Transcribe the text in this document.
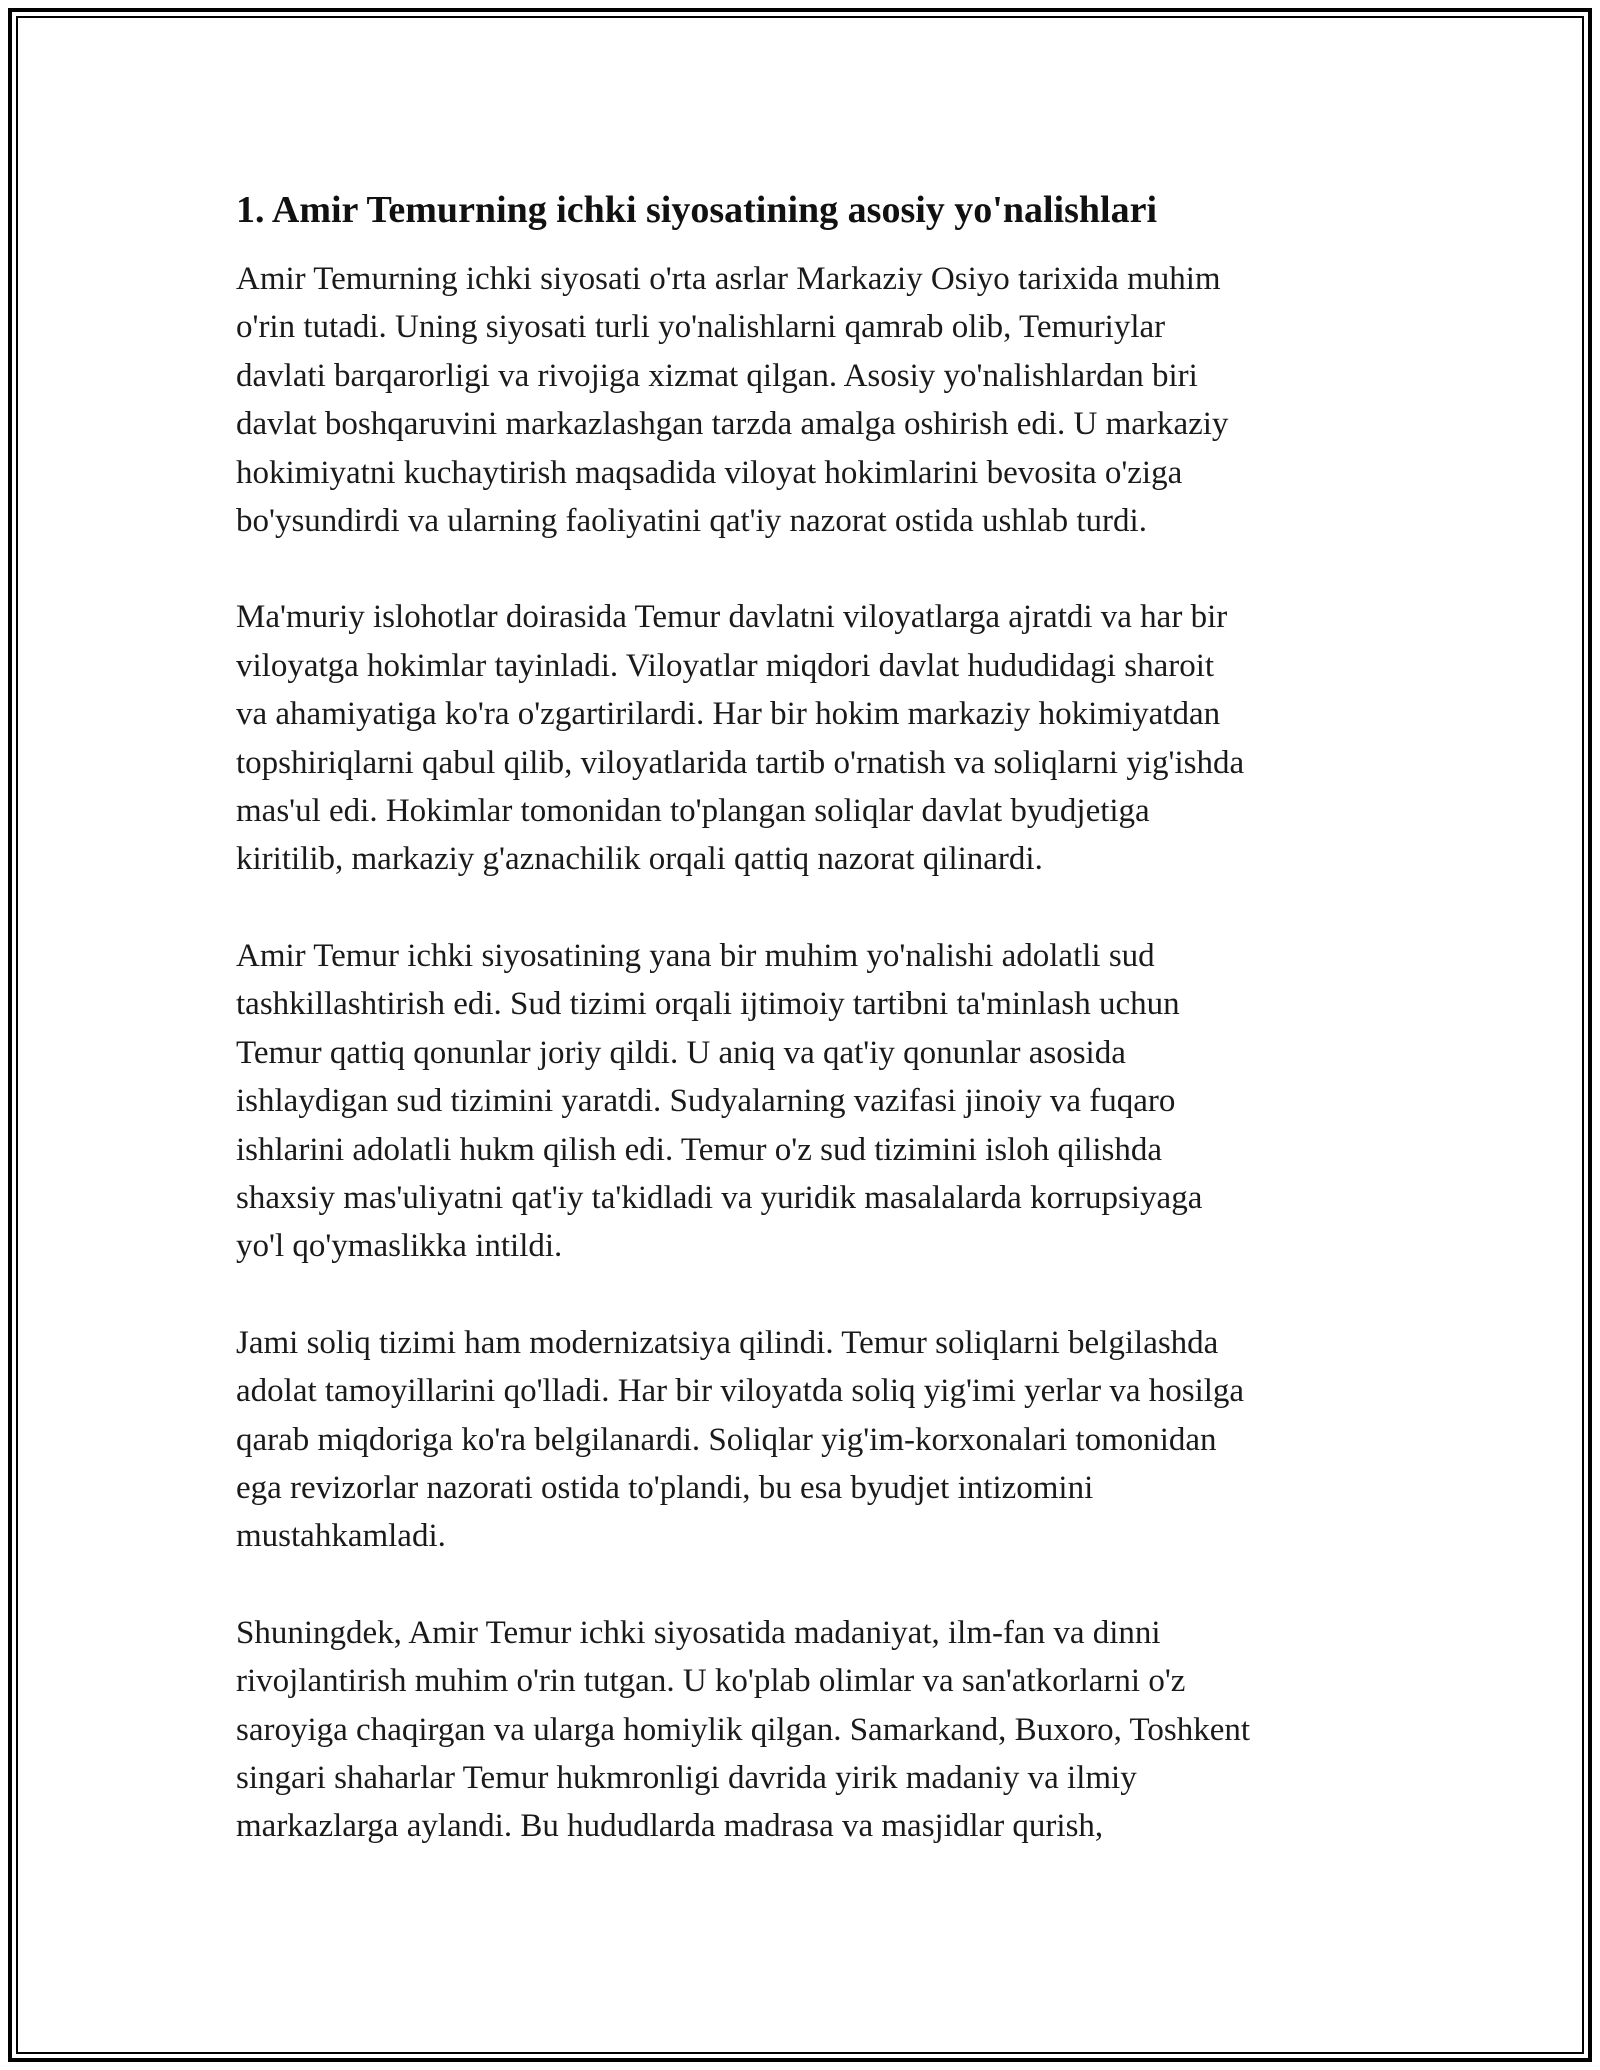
1. Amir Temurning ichki siyosatining asosiy yo'nalishlari

Amir Temurning ichki siyosati o'rta asrlar Markaziy Osiyo tarixida muhim
o'rin tutadi. Uning siyosati turli yo'nalishlarni qamrab olib, Temuriylar
davlati barqarorligi va rivojiga xizmat qilgan. Asosiy yo'nalishlardan biri
davlat boshqaruvini markazlashgan tarzda amalga oshirish edi. U markaziy
hokimiyatni kuchaytirish maqsadida viloyat hokimlarini bevosita o'ziga
bo'ysundirdi va ularning faoliyatini qat'iy nazorat ostida ushlab turdi.

Ma'muriy islohotlar doirasida Temur davlatni viloyatlarga ajratdi va har bir
viloyatga hokimlar tayinladi. Viloyatlar miqdori davlat hududidagi sharoit
va ahamiyatiga ko'ra o'zgartirilardi. Har bir hokim markaziy hokimiyatdan
topshiriqlarni qabul qilib, viloyatlarida tartib o'rnatish va soliqlarni yig'ishda
mas'ul edi. Hokimlar tomonidan to'plangan soliqlar davlat byudjetiga
kiritilib, markaziy g'aznachilik orqali qattiq nazorat qilinardi.

Amir Temur ichki siyosatining yana bir muhim yo'nalishi adolatli sud
tashkillashtirish edi. Sud tizimi orqali ijtimoiy tartibni ta'minlash uchun
Temur qattiq qonunlar joriy qildi. U aniq va qat'iy qonunlar asosida
ishlaydigan sud tizimini yaratdi. Sudyalarning vazifasi jinoiy va fuqaro
ishlarini adolatli hukm qilish edi. Temur o'z sud tizimini isloh qilishda
shaxsiy mas'uliyatni qat'iy ta'kidladi va yuridik masalalarda korrupsiyaga
yo'l qo'ymaslikka intildi.

Jami soliq tizimi ham modernizatsiya qilindi. Temur soliqlarni belgilashda
adolat tamoyillarini qo'lladi. Har bir viloyatda soliq yig'imi yerlar va hosilga
qarab miqdoriga ko'ra belgilanardi. Soliqlar yig'im-korxonalari tomonidan
ega revizorlar nazorati ostida to'plandi, bu esa byudjet intizomini
mustahkamladi.

Shuningdek, Amir Temur ichki siyosatida madaniyat, ilm-fan va dinni
rivojlantirish muhim o'rin tutgan. U ko'plab olimlar va san'atkorlarni o'z
saroyiga chaqirgan va ularga homiylik qilgan. Samarkand, Buxoro, Toshkent
singari shaharlar Temur hukmronligi davrida yirik madaniy va ilmiy
markazlarga aylandi. Bu hududlarda madrasa va masjidlar qurish,
